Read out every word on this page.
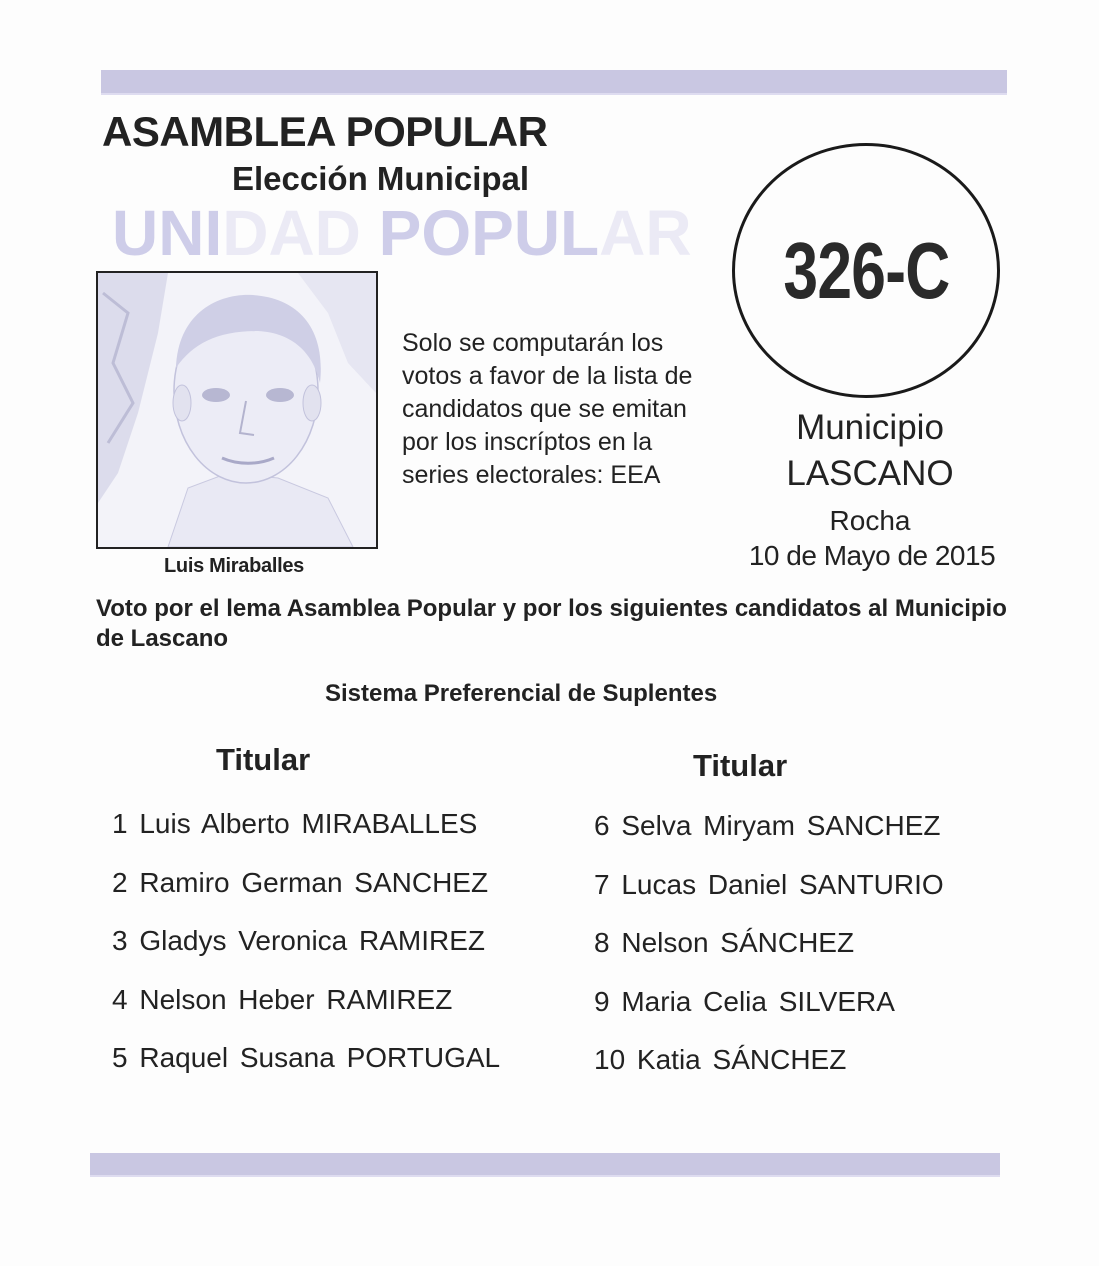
ASAMBLEA POPULAR
Elección Municipal
UNIDAD POPULAR
Luis Miraballes
Solo se computarán los votos a favor de la lista de candidatos que se emitan por los inscríptos en la series electorales: EEA
326-C
Municipio
LASCANO
Rocha
10 de Mayo de 2015
Voto por el lema Asamblea Popular y por los siguientes candidatos al Municipio de Lascano
Sistema Preferencial de Suplentes
Titular	Titular
1 Luis Alberto MIRABALLES
2 Ramiro German SANCHEZ
3 Gladys Veronica RAMIREZ
4 Nelson Heber RAMIREZ
5 Raquel Susana PORTUGAL
6 Selva Miryam SANCHEZ
7 Lucas Daniel SANTURIO
8 Nelson SÁNCHEZ
9 Maria Celia SILVERA
10 Katia SÁNCHEZ
